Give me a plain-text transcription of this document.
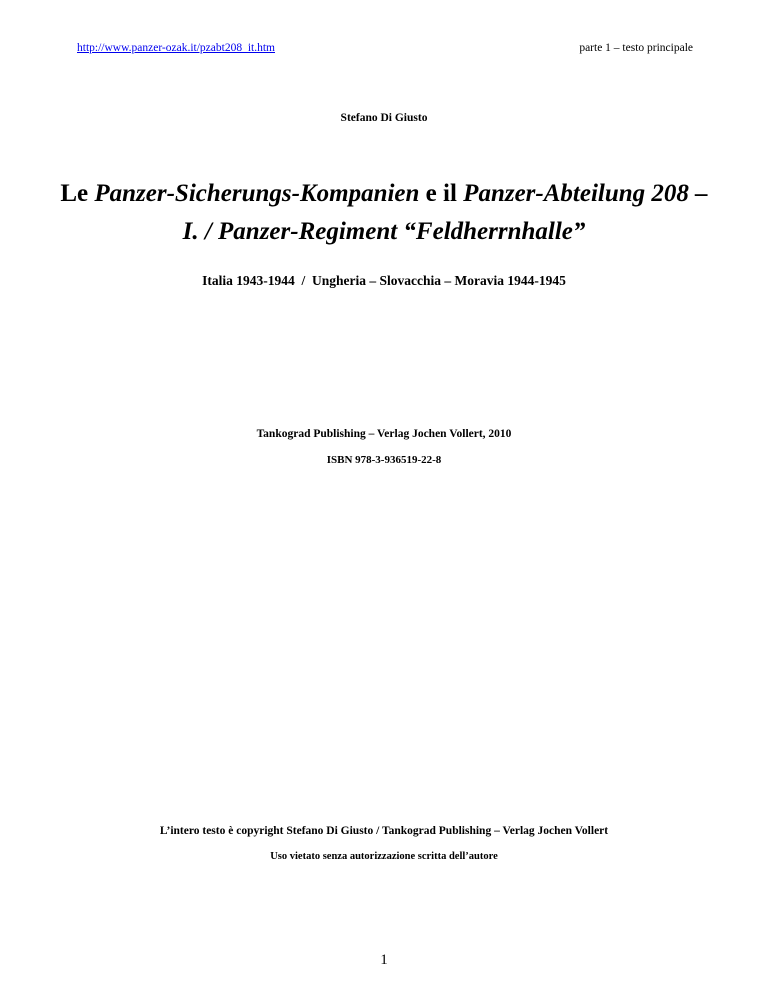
http://www.panzer-ozak.it/pzabt208_it.htm	parte 1 – testo principale
Stefano Di Giusto
Le Panzer-Sicherungs-Kompanien e il Panzer-Abteilung 208 –
I. / Panzer-Regiment “Feldherrnhalle”
Italia 1943-1944  /  Ungheria – Slovacchia – Moravia 1944-1945
Tankograd Publishing – Verlag Jochen Vollert, 2010
ISBN 978-3-936519-22-8
L’intero testo è copyright Stefano Di Giusto / Tankograd Publishing – Verlag Jochen Vollert
Uso vietato senza autorizzazione scritta dell’autore
1
